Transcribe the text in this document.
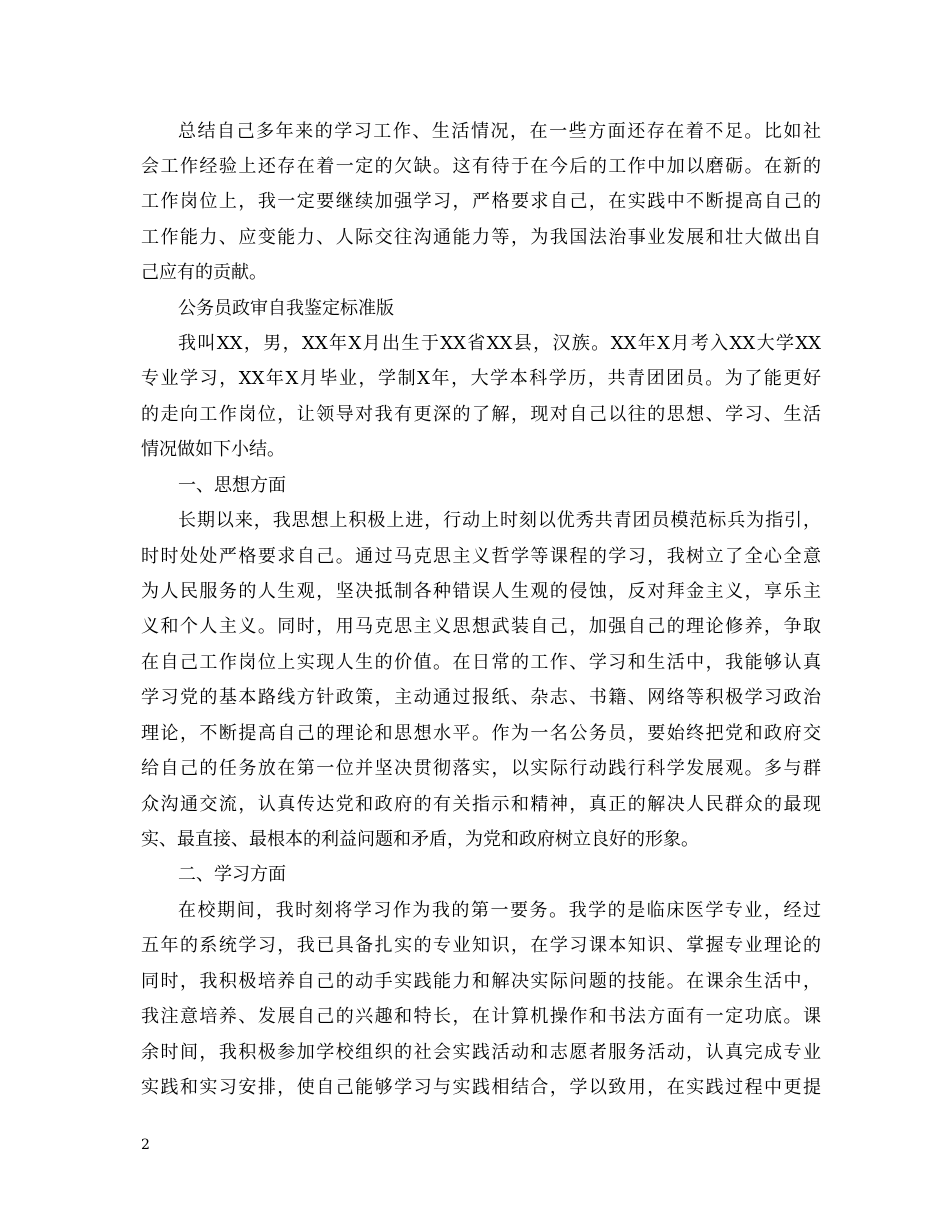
总结自己多年来的学习工作、生活情况，在一些方面还存在着不足。比如社
会工作经验上还存在着一定的欠缺。这有待于在今后的工作中加以磨砺。在新的
工作岗位上，我一定要继续加强学习，严格要求自己，在实践中不断提高自己的
工作能力、应变能力、人际交往沟通能力等，为我国法治事业发展和壮大做出自
己应有的贡献。
公务员政审自我鉴定标准版
我叫XX，男，XX年X月出生于XX省XX县，汉族。XX年X月考入XX大学XX
专业学习，XX年X月毕业，学制X年，大学本科学历，共青团团员。为了能更好
的走向工作岗位，让领导对我有更深的了解，现对自己以往的思想、学习、生活
情况做如下小结。
一、思想方面
长期以来，我思想上积极上进，行动上时刻以优秀共青团员模范标兵为指引，
时时处处严格要求自己。通过马克思主义哲学等课程的学习，我树立了全心全意
为人民服务的人生观，坚决抵制各种错误人生观的侵蚀，反对拜金主义，享乐主
义和个人主义。同时，用马克思主义思想武装自己，加强自己的理论修养，争取
在自己工作岗位上实现人生的价值。在日常的工作、学习和生活中，我能够认真
学习党的基本路线方针政策，主动通过报纸、杂志、书籍、网络等积极学习政治
理论，不断提高自己的理论和思想水平。作为一名公务员，要始终把党和政府交
给自己的任务放在第一位并坚决贯彻落实，以实际行动践行科学发展观。多与群
众沟通交流，认真传达党和政府的有关指示和精神，真正的解决人民群众的最现
实、最直接、最根本的利益问题和矛盾，为党和政府树立良好的形象。
二、学习方面
在校期间，我时刻将学习作为我的第一要务。我学的是临床医学专业，经过
五年的系统学习，我已具备扎实的专业知识，在学习课本知识、掌握专业理论的
同时，我积极培养自己的动手实践能力和解决实际问题的技能。在课余生活中，
我注意培养、发展自己的兴趣和特长，在计算机操作和书法方面有一定功底。课
余时间，我积极参加学校组织的社会实践活动和志愿者服务活动，认真完成专业
实践和实习安排，使自己能够学习与实践相结合，学以致用，在实践过程中更提
2
